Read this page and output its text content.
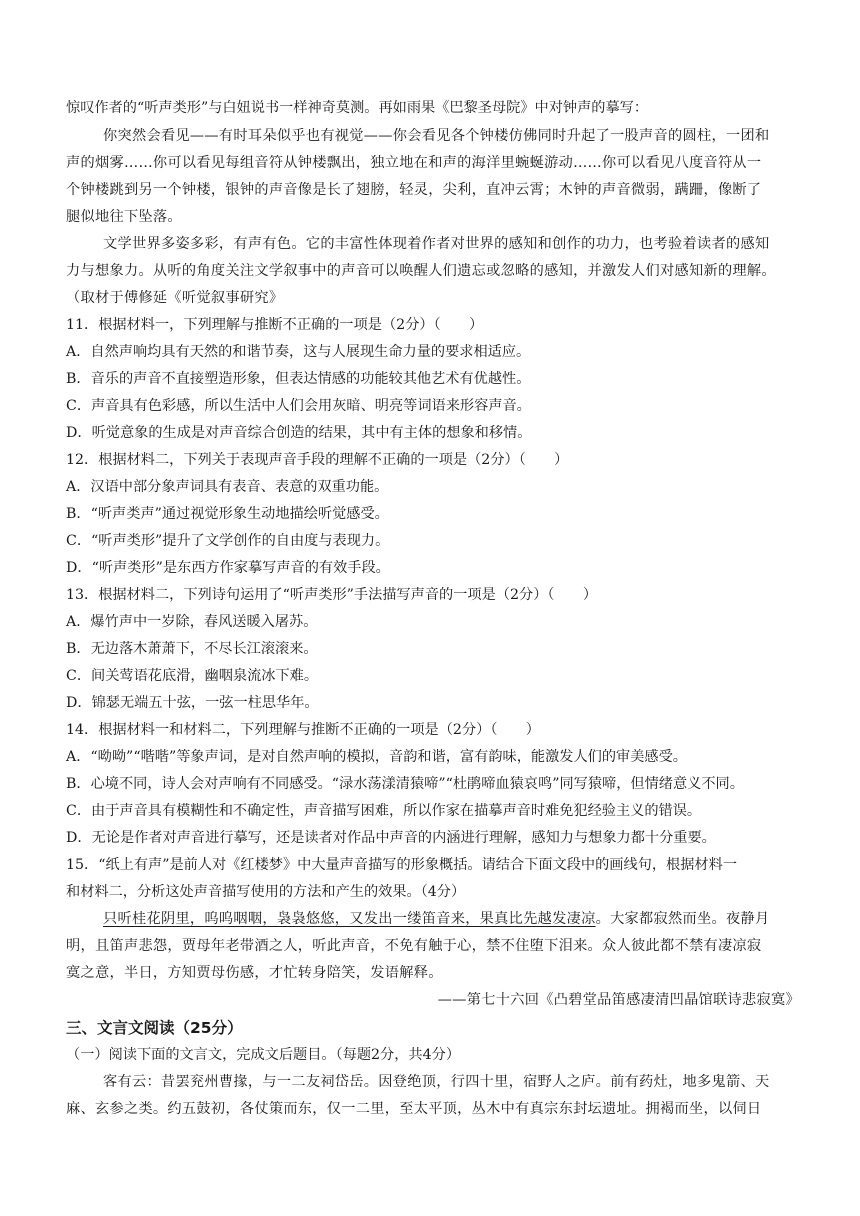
惊叹作者的“听声类形”与白妞说书一样神奇莫测。再如雨果《巴黎圣母院》中对钟声的摹写：
你突然会看见——有时耳朵似乎也有视觉——你会看见各个钟楼仿佛同时升起了一股声音的圆柱，一团和
声的烟雾……你可以看见每组音符从钟楼飘出，独立地在和声的海洋里蜿蜒游动……你可以看见八度音符从一
个钟楼跳到另一个钟楼，银钟的声音像是长了翅膀，轻灵，尖利，直冲云霄；木钟的声音微弱，蹒跚，像断了
腿似地往下坠落。
文学世界多姿多彩，有声有色。它的丰富性体现着作者对世界的感知和创作的功力，也考验着读者的感知
力与想象力。从听的角度关注文学叙事中的声音可以唤醒人们遗忘或忽略的感知，并激发人们对感知新的理解。
（取材于傅修延《听觉叙事研究》
11．根据材料一，下列理解与推断不正确的一项是（2分）（　　）
A．自然声响均具有天然的和谐节奏，这与人展现生命力量的要求相适应。
B．音乐的声音不直接塑造形象，但表达情感的功能较其他艺术有优越性。
C．声音具有色彩感，所以生活中人们会用灰暗、明亮等词语来形容声音。
D．听觉意象的生成是对声音综合创造的结果，其中有主体的想象和移情。
12．根据材料二，下列关于表现声音手段的理解不正确的一项是（2分）（　　）
A．汉语中部分象声词具有表音、表意的双重功能。
B．“听声类声”通过视觉形象生动地描绘听觉感受。
C．“听声类形”提升了文学创作的自由度与表现力。
D．“听声类形”是东西方作家摹写声音的有效手段。
13．根据材料二，下列诗句运用了“听声类形”手法描写声音的一项是（2分）（　　）
A．爆竹声中一岁除，春风送暖入屠苏。
B．无边落木萧萧下，不尽长江滚滚来。
C．间关莺语花底滑，幽咽泉流冰下难。
D．锦瑟无端五十弦，一弦一柱思华年。
14．根据材料一和材料二，下列理解与推断不正确的一项是（2分）（　　）
A．“呦呦”“喈喈”等象声词，是对自然声响的模拟，音韵和谐，富有韵味，能激发人们的审美感受。
B．心境不同，诗人会对声响有不同感受。“渌水荡漾清猿啼”“杜鹃啼血猿哀鸣”同写猿啼，但情绪意义不同。
C．由于声音具有模糊性和不确定性，声音描写困难，所以作家在描摹声音时难免犯经验主义的错误。
D．无论是作者对声音进行摹写，还是读者对作品中声音的内涵进行理解，感知力与想象力都十分重要。
15．“纸上有声”是前人对《红楼梦》中大量声音描写的形象概括。请结合下面文段中的画线句，根据材料一
和材料二，分析这处声音描写使用的方法和产生的效果。（4分）
只听桂花阴里，呜呜咽咽，袅袅悠悠，又发出一缕笛音来，果真比先越发凄凉。大家都寂然而坐。夜静月
明，且笛声悲怨，贾母年老带酒之人，听此声音，不免有触于心，禁不住堕下泪来。众人彼此都不禁有凄凉寂
寞之意，半日，方知贾母伤感，才忙转身陪笑，发语解释。
——第七十六回《凸碧堂品笛感凄清凹晶馆联诗悲寂寞》
三、文言文阅读（25分）
（一）阅读下面的文言文，完成文后题目。（每题2分，共4分）
客有云：昔罢兖州曹掾，与一二友祠岱岳。因登绝顶，行四十里，宿野人之庐。前有药灶，地多鬼箭、天
麻、玄参之类。约五鼓初，各仗策而东，仅一二里，至太平顶，丛木中有真宗东封坛遗址。拥褐而坐，以伺日
